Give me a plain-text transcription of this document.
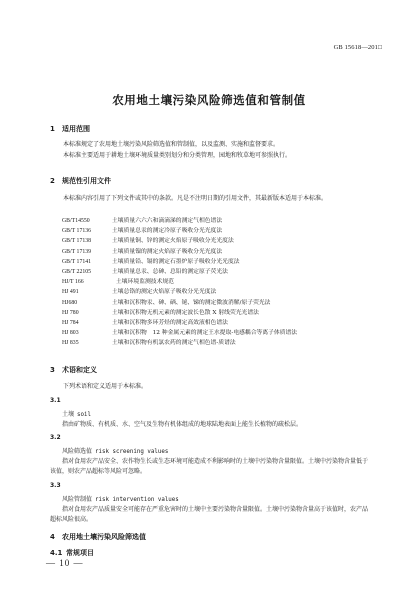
GB 15618—201□
农用地土壤污染风险筛选值和管制值
1 适用范围
本标准规定了农用地土壤污染风险筛选值和管制值，以及监测、实施和监督要求。
本标准主要适用于耕地土壤环境质量类别划分和分类管理，园地和牧草地可参照执行。
2 规范性引用文件
本标准内容引用了下列文件或其中的条款。凡是不注明日期的引用文件，其最新版本适用于本标准。
GB/T14550	土壤质量六六六和滴滴涕的测定气相色谱法
GB/T 17136	土壤质量总汞的测定冷原子吸收分光光度法
GB/T 17138	土壤质量铜、锌的测定火焰原子吸收分光光度法
GB/T 17139	土壤质量镍的测定火焰原子吸收分光光度法
GB/T 17141	土壤质量铅、镉的测定石墨炉原子吸收分光光度法
GB/T 22105	土壤质量总汞、总砷、总铅的测定原子荧光法
HJ/T 166	土壤环境监测技术规范
HJ 491	土壤总铬的测定火焰原子吸收分光光度法
HJ680	土壤和沉积物汞、砷、硒、铋、锑的测定微波消解/原子荧光法
HJ 780	土壤和沉积物无机元素的测定波长色散 X 射线荧光光谱法
HJ 784	土壤和沉积物多环芳烃的测定高效液相色谱法
HJ 803	土壤和沉积物　12 种金属元素的测定王水提取-电感耦合等离子体质谱法
HJ 835	土壤和沉积物有机氯农药的测定气相色谱-质谱法
3 术语和定义
下列术语和定义适用于本标准。
3.1
土壤 soil
指由矿物质、有机质、水、空气及生物有机体组成的地球陆地表面上能生长植物的疏松层。
3.2
风险筛选值 risk screening values
指对食用农产品安全、农作物生长或生态环境可能造成不利影响时的土壤中污染物含量限值。土壤中污染物含量低于该值，则农产品超标等风险可忽略。
3.3
风险管制值 risk intervention values
指对食用农产品质量安全可能存在严重危害时的土壤中主要污染物含量限值。土壤中污染物含量高于该值时，农产品超标风险很高。
4 农用地土壤污染风险筛选值
4.1 常规项目
— 10 —
